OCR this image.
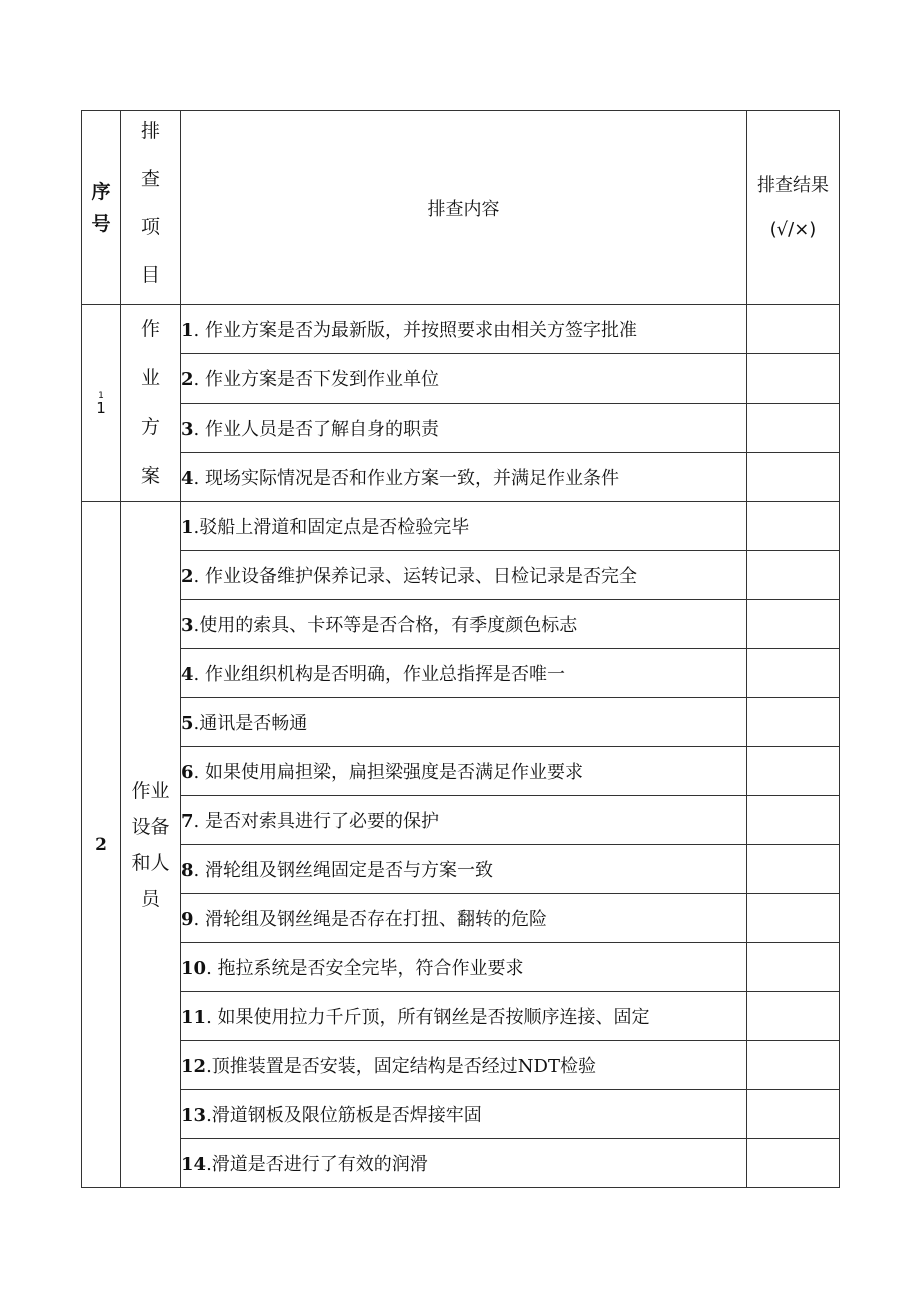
序
号	排
查
项
目	排查内容	排查结果
(√/×)

1
1	作
业
方
案	1. 作业方案是否为最新版，并按照要求由相关方签字批准	
		2. 作业方案是否下发到作业单位	
		3. 作业人员是否了解自身的职责	
		4. 现场实际情况是否和作业方案一致，并满足作业条件	
2	作业
设备
和人
员	1.驳船上滑道和固定点是否检验完毕	
		2. 作业设备维护保养记录、运转记录、日检记录是否完全	
		3.使用的索具、卡环等是否合格，有季度颜色标志	
		4. 作业组织机构是否明确，作业总指挥是否唯一	
		5.通讯是否畅通	
		6. 如果使用扁担梁，扁担梁强度是否满足作业要求	
		7. 是否对索具进行了必要的保护	
		8. 滑轮组及钢丝绳固定是否与方案一致	
		9. 滑轮组及钢丝绳是否存在打扭、翻转的危险	
		10. 拖拉系统是否安全完毕，符合作业要求	
		11. 如果使用拉力千斤顶，所有钢丝是否按顺序连接、固定	
		12.顶推装置是否安装，固定结构是否经过NDT检验	
		13.滑道钢板及限位筋板是否焊接牢固	
		14.滑道是否进行了有效的润滑	
